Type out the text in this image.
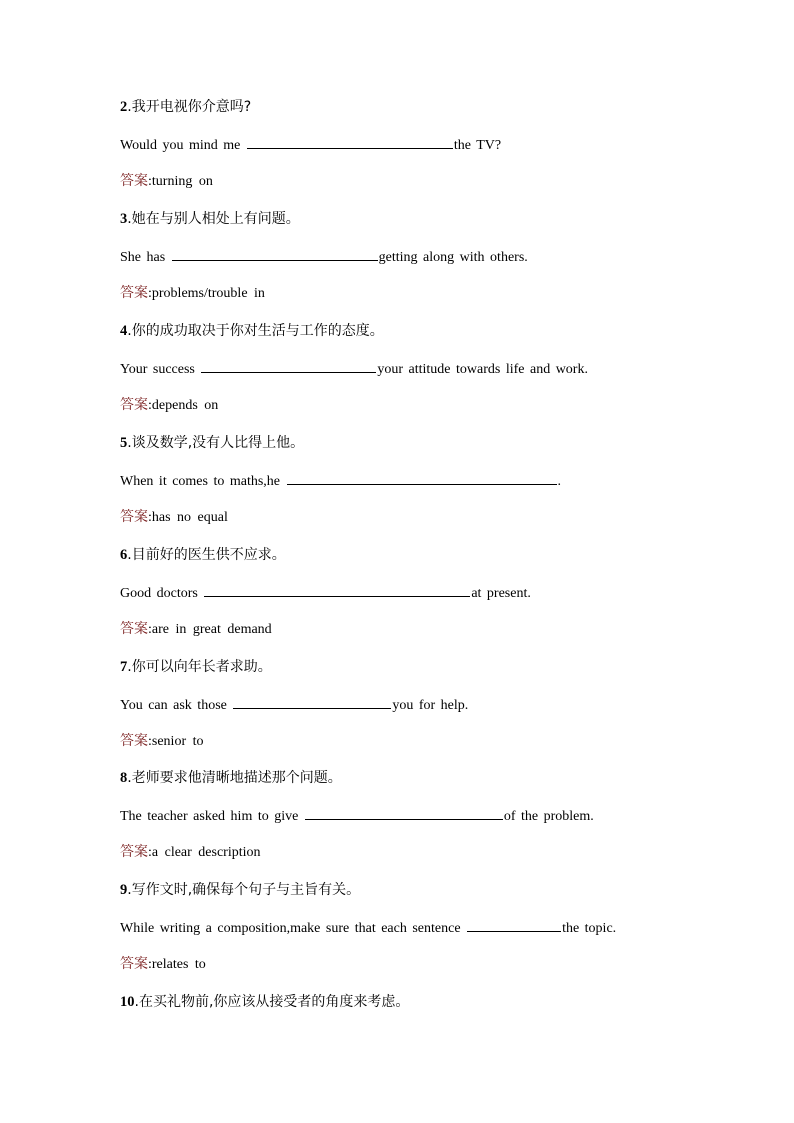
2.我开电视你介意吗?
Would you mind me	the TV?
答案:turning on
3.她在与别人相处上有问题。
She has	getting along with others.
答案:problems/trouble in
4.你的成功取决于你对生活与工作的态度。
Your success	your attitude towards life and work.
答案:depends on
5.谈及数学,没有人比得上他。
When it comes to maths,he	.
答案:has no equal
6.目前好的医生供不应求。
Good doctors	at present.
答案:are in great demand
7.你可以向年长者求助。
You can ask those	you for help.
答案:senior to
8.老师要求他清晰地描述那个问题。
The teacher asked him to give	of the problem.
答案:a clear description
9.写作文时,确保每个句子与主旨有关。
While writing a composition,make sure that each sentence	the topic.
答案:relates to
10.在买礼物前,你应该从接受者的角度来考虑。
